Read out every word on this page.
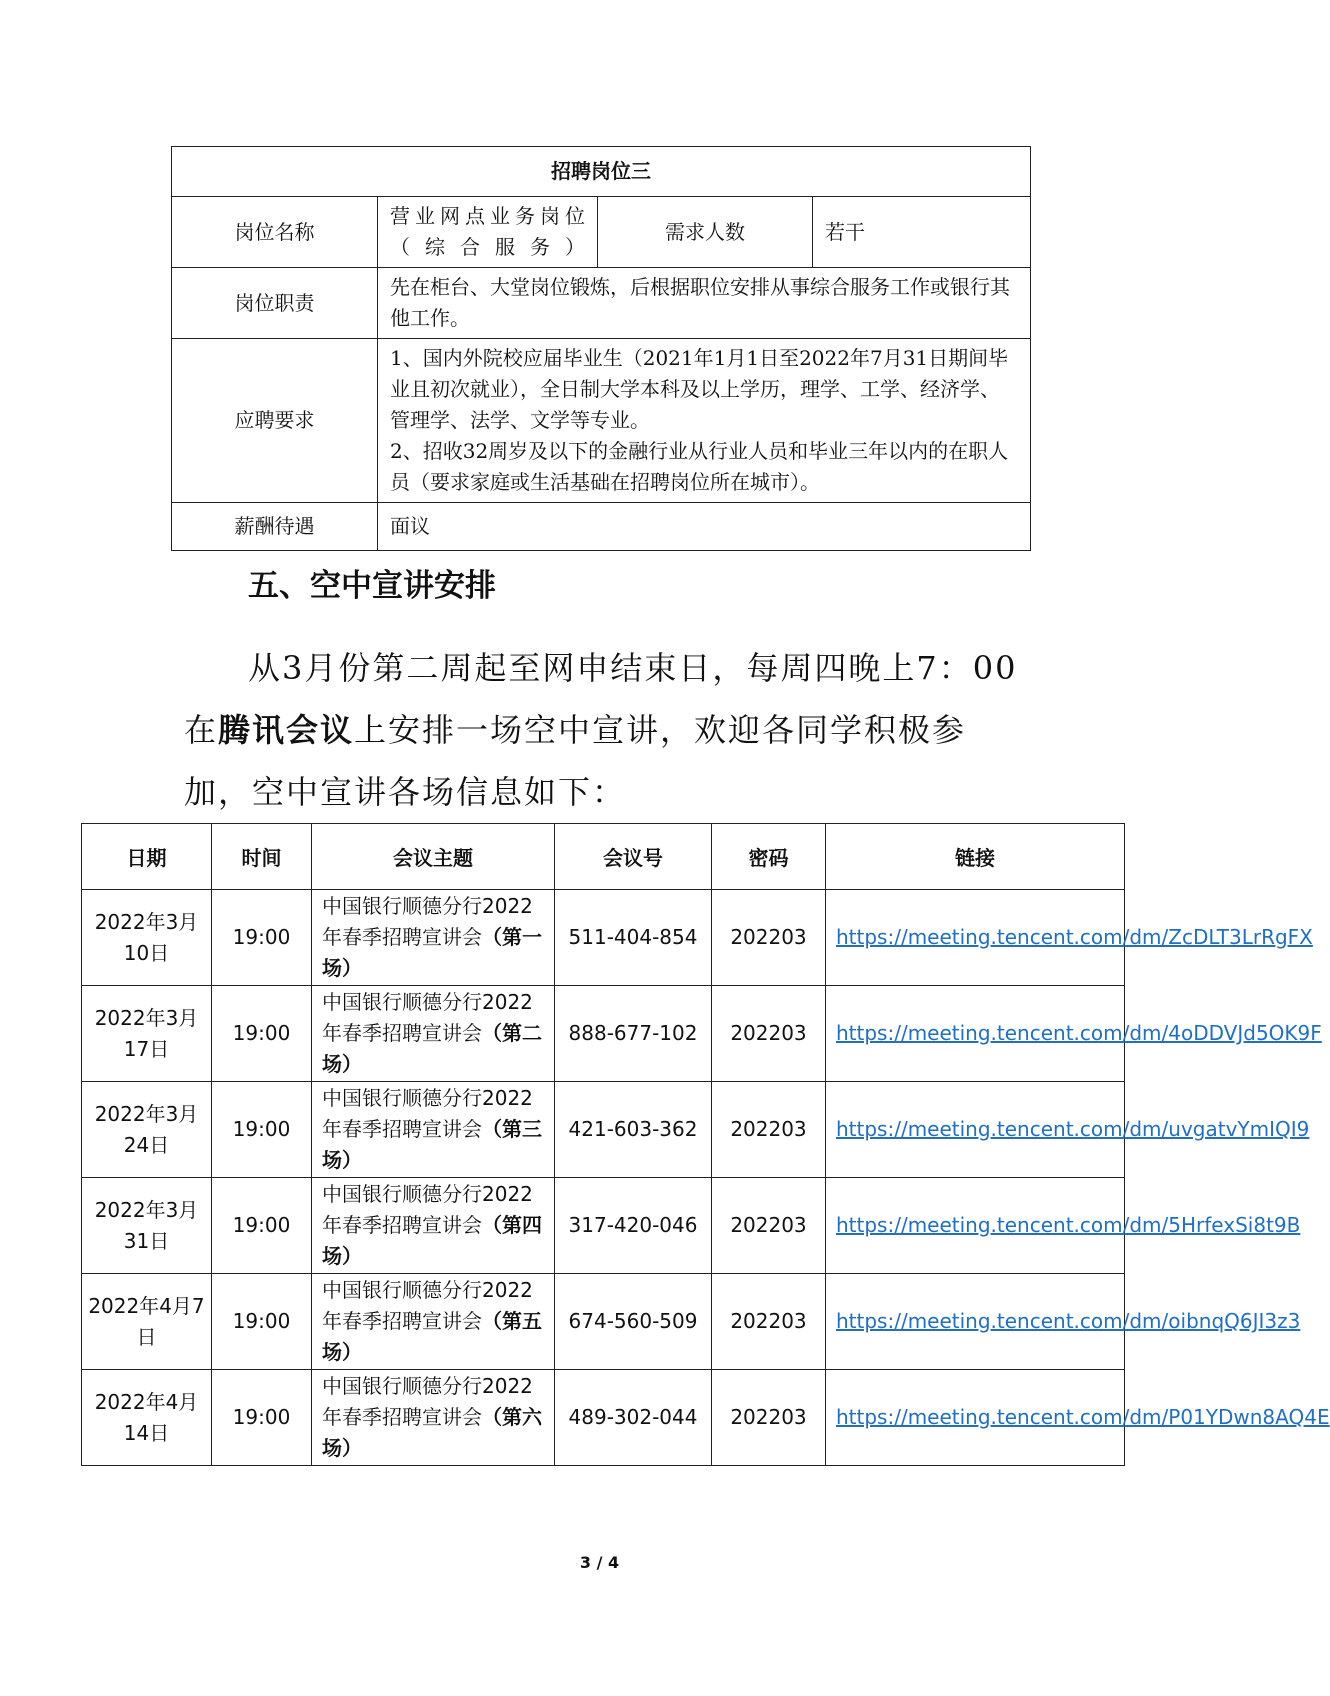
招聘岗位三			
岗位名称	营业网点业务岗位（综合服务）	需求人数	若干
岗位职责	先在柜台、大堂岗位锻炼，后根据职位安排从事综合服务工作或银行其他工作。		
应聘要求	1、国内外院校应届毕业生（2021年1月1日至2022年7月31日期间毕业且初次就业），全日制大学本科及以上学历，理学、工学、经济学、管理学、法学、文学等专业。
2、招收32周岁及以下的金融行业从行业人员和毕业三年以内的在职人员（要求家庭或生活基础在招聘岗位所在城市）。		

薪酬待遇	面议		
五、空中宣讲安排

从3月份第二周起至网申结束日，每周四晚上7：00在腾讯会议上安排一场空中宣讲，欢迎各同学积极参加，空中宣讲各场信息如下：

日期	时间	会议主题	会议号	密码	链接
2022年3月10日	19:00	中国银行顺德分行2022年春季招聘宣讲会（第一场）	511-404-854	202203	https://meeting.tencent.com/dm/ZcDLT3LrRgFX
2022年3月17日	19:00	中国银行顺德分行2022年春季招聘宣讲会（第二场）	888-677-102	202203	https://meeting.tencent.com/dm/4oDDVJd5OK9F
2022年3月24日	19:00	中国银行顺德分行2022年春季招聘宣讲会（第三场）	421-603-362	202203	https://meeting.tencent.com/dm/uvgatvYmIQI9
2022年3月31日	19:00	中国银行顺德分行2022年春季招聘宣讲会（第四场）	317-420-046	202203	https://meeting.tencent.com/dm/5HrfexSi8t9B
2022年4月7日	19:00	中国银行顺德分行2022年春季招聘宣讲会（第五场）	674-560-509	202203	https://meeting.tencent.com/dm/oibnqQ6JI3z3
2022年4月14日	19:00	中国银行顺德分行2022年春季招聘宣讲会（第六场）	489-302-044	202203	https://meeting.tencent.com/dm/P01YDwn8AQ4E
3 / 4
